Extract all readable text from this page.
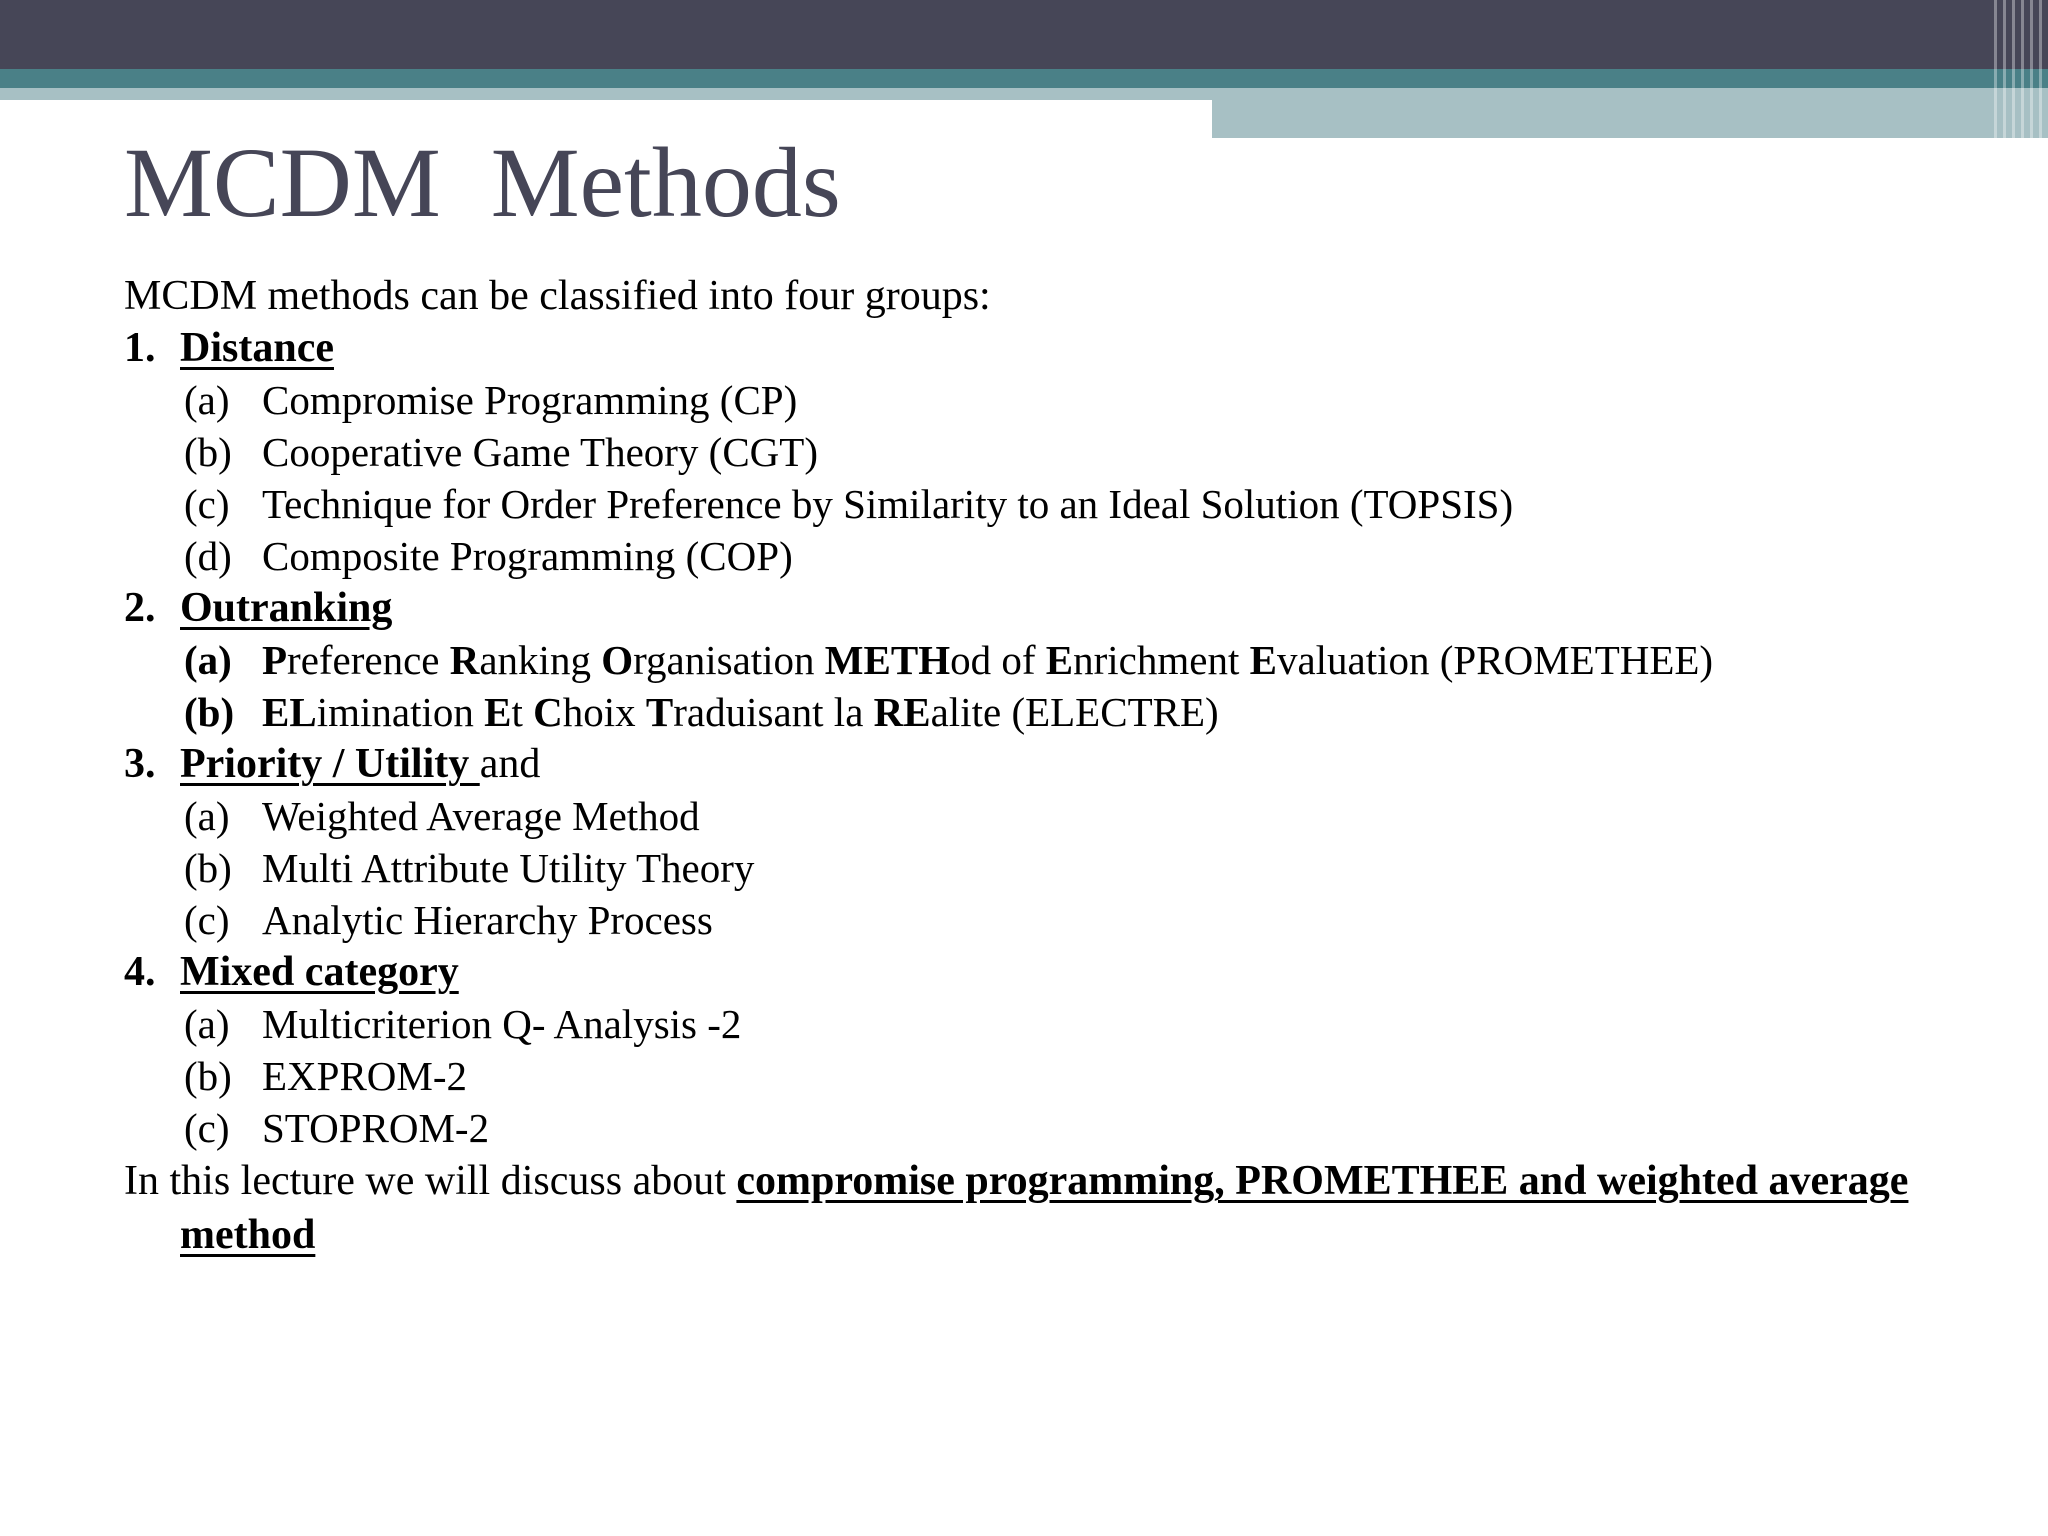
MCDM  Methods
MCDM methods can be classified into four groups:
1. Distance
(a) Compromise Programming (CP)
(b) Cooperative Game Theory (CGT)
(c) Technique for Order Preference by Similarity to an Ideal Solution (TOPSIS)
(d) Composite Programming (COP)
2. Outranking
(a) Preference Ranking Organisation METHod of Enrichment Evaluation (PROMETHEE)
(b) ELimination Et Choix Traduisant la REalite (ELECTRE)
3. Priority / Utility and
(a) Weighted Average Method
(b) Multi Attribute Utility Theory
(c) Analytic Hierarchy Process
4. Mixed category
(a) Multicriterion Q- Analysis -2
(b) EXPROM-2
(c) STOPROM-2
In this lecture we will discuss about compromise programming, PROMETHEE and weighted average method
